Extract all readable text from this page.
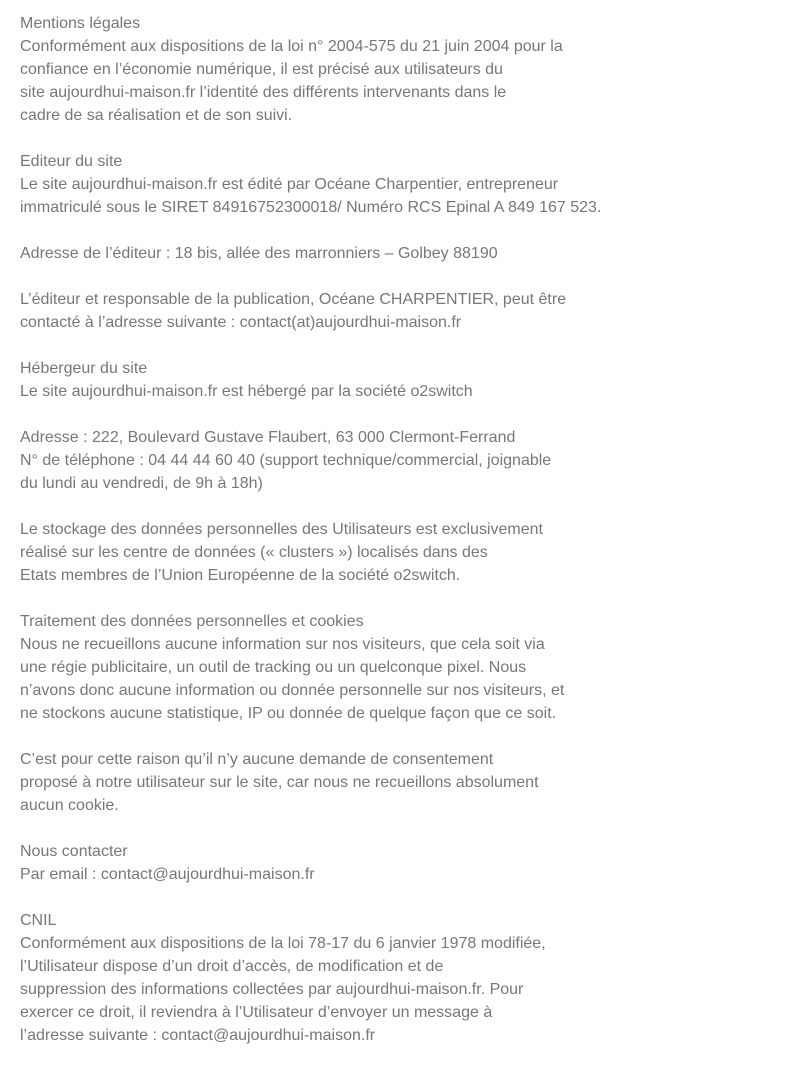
Mentions légales
Conformément aux dispositions de la loi n° 2004-575 du 21 juin 2004 pour la
confiance en l’économie numérique, il est précisé aux utilisateurs du
site aujourdhui-maison.fr l’identité des différents intervenants dans le
cadre de sa réalisation et de son suivi.
Editeur du site
Le site aujourdhui-maison.fr est édité par Océane Charpentier, entrepreneur
immatriculé sous le SIRET 84916752300018/ Numéro RCS Epinal A 849 167 523.
Adresse de l’éditeur : 18 bis, allée des marronniers – Golbey 88190
L’éditeur et responsable de la publication, Océane CHARPENTIER, peut être
contacté à l’adresse suivante : contact(at)aujourdhui-maison.fr
Hébergeur du site
Le site aujourdhui-maison.fr est hébergé par la société o2switch
Adresse : 222, Boulevard Gustave Flaubert, 63 000 Clermont-Ferrand
N° de téléphone : 04 44 44 60 40 (support technique/commercial, joignable
du lundi au vendredi, de 9h à 18h)
Le stockage des données personnelles des Utilisateurs est exclusivement
réalisé sur les centre de données (« clusters ») localisés dans des
Etats membres de l’Union Européenne de la société o2switch.
Traitement des données personnelles et cookies
Nous ne recueillons aucune information sur nos visiteurs, que cela soit via
une régie publicitaire, un outil de tracking ou un quelconque pixel. Nous
n’avons donc aucune information ou donnée personnelle sur nos visiteurs, et
ne stockons aucune statistique, IP ou donnée de quelque façon que ce soit.
C’est pour cette raison qu’il n’y aucune demande de consentement
proposé à notre utilisateur sur le site, car nous ne recueillons absolument
aucun cookie.
Nous contacter
Par email : contact@aujourdhui-maison.fr
CNIL
Conformément aux dispositions de la loi 78-17 du 6 janvier 1978 modifiée,
l’Utilisateur dispose d’un droit d’accès, de modification et de
suppression des informations collectées par aujourdhui-maison.fr. Pour
exercer ce droit, il reviendra à l’Utilisateur d’envoyer un message à
l’adresse suivante : contact@aujourdhui-maison.fr
